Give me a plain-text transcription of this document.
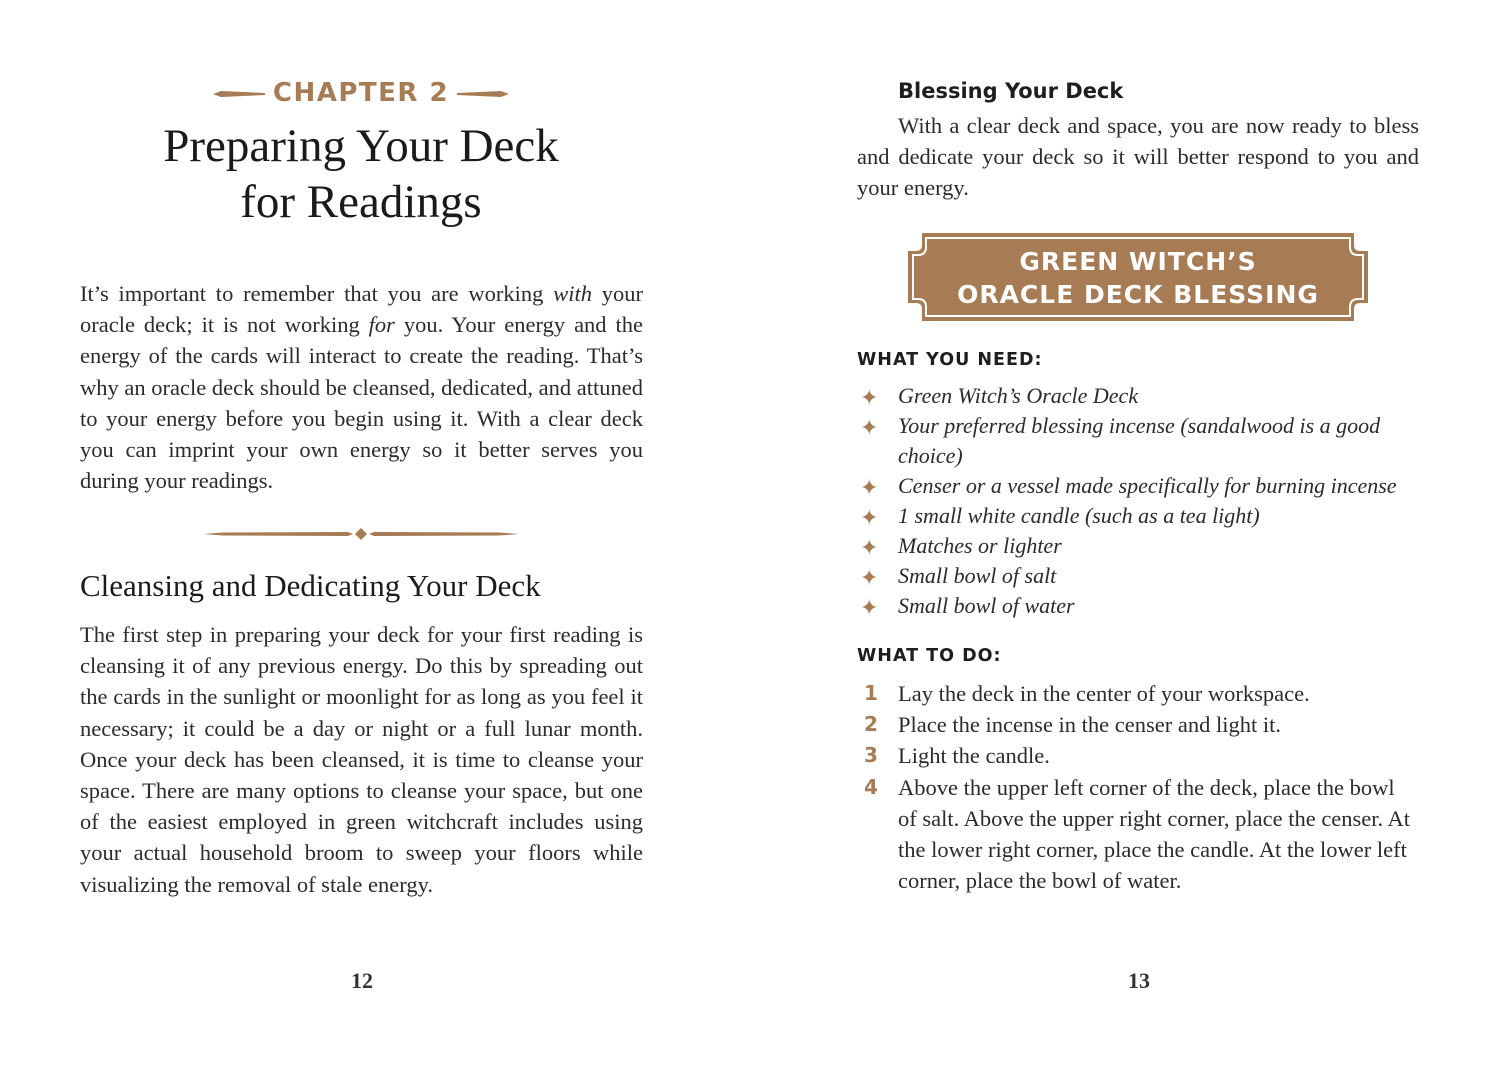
CHAPTER 2
Preparing Your Deck
for Readings

It’s important to remember that you are working with your oracle deck; it is not working for you. Your energy and the energy of the cards will interact to create the reading. That’s why an oracle deck should be cleansed, dedicated, and attuned to your energy before you begin using it. With a clear deck you can imprint your own energy so it better serves you during your readings.

Cleansing and Dedicating Your Deck

The first step in preparing your deck for your first reading is cleansing it of any previous energy. Do this by spreading out the cards in the sunlight or moonlight for as long as you feel it necessary; it could be a day or night or a full lunar month. Once your deck has been cleansed, it is time to cleanse your space. There are many options to cleanse your space, but one of the easiest employed in green witchcraft includes using your actual household broom to sweep your floors while visualizing the removal of stale energy.

12
Blessing Your Deck

With a clear deck and space, you are now ready to bless and dedicate your deck so it will better respond to you and your energy.

GREEN WITCH’S
ORACLE DECK BLESSING
WHAT YOU NEED:
✦ Green Witch’s Oracle Deck
✦ Your preferred blessing incense (sandalwood is a good choice)
✦ Censer or a vessel made specifically for burning incense
✦ 1 small white candle (such as a tea light)
✦ Matches or lighter
✦ Small bowl of salt
✦ Small bowl of water
WHAT TO DO:
1 Lay the deck in the center of your workspace.
2 Place the incense in the censer and light it.
3 Light the candle.
4 Above the upper left corner of the deck, place the bowl of salt. Above the upper right corner, place the censer. At the lower right corner, place the candle. At the lower left corner, place the bowl of water.
13
